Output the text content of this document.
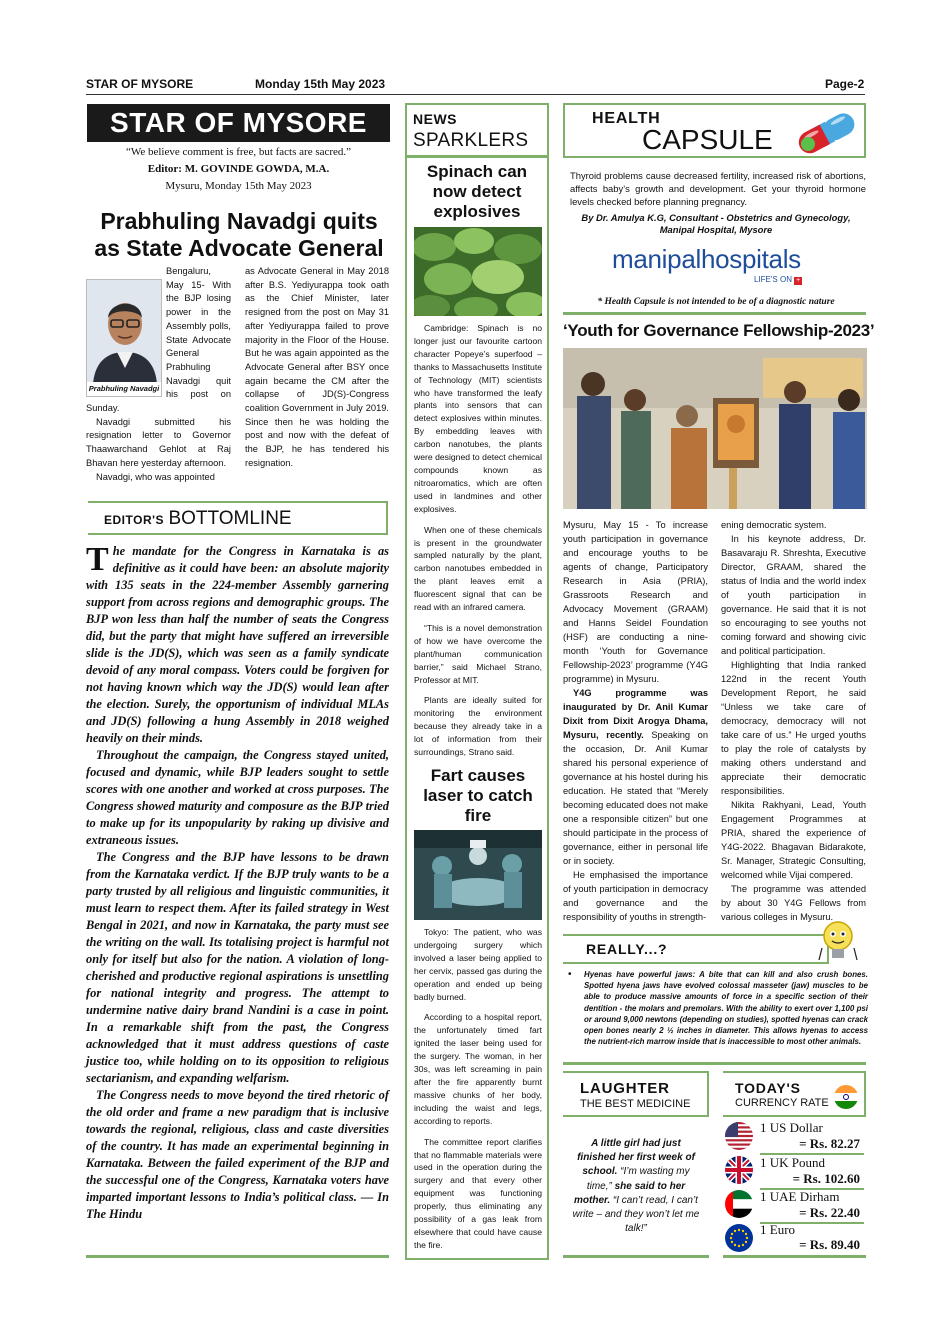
STAR OF MYSORE	Monday 15th May 2023	Page-2
STAR OF MYSORE
“We believe comment is free, but facts are sacred.”
Editor: M. GOVINDE GOWDA, M.A.
Mysuru, Monday 15th May 2023
Prabhuling Navadgi quits
as State Advocate General
Prabhuling Navadgi
Bengaluru, May 15- With the BJP losing power in the Assembly polls, State Advocate General Prabhuling Navadgi quit his post on Sunday.

Navadgi submitted his resignation letter to Governor Thaawarchand Gehlot at Raj Bhavan here yesterday afternoon.

Navadgi, who was appointed

as Advocate General in May 2018 after B.S. Yediyurappa took oath as the Chief Minister, later resigned from the post on May 31 after Yediyurappa failed to prove majority in the Floor of the House. But he was again appointed as the Advocate General after BSY once again became the CM after the collapse of JD(S)-Congress coalition Government in July 2019. Since then he was holding the post and now with the defeat of the BJP, he has tendered his resignation.
EDITOR'S BOTTOMLINE

The mandate for the Congress in Karnataka is as definitive as it could have been: an absolute majority with 135 seats in the 224-member Assembly garnering support from across regions and demographic groups. The BJP won less than half the number of seats the Congress did, but the party that might have suffered an irreversible slide is the JD(S), which was seen as a family syndicate devoid of any moral compass. Voters could be forgiven for not having known which way the JD(S) would lean after the election. Surely, the opportunism of individual MLAs and JD(S) following a hung Assembly in 2018 weighed heavily on their minds.

Throughout the campaign, the Congress stayed united, focused and dynamic, while BJP leaders sought to settle scores with one another and worked at cross purposes. The Congress showed maturity and composure as the BJP tried to make up for its unpopularity by raking up divisive and extraneous issues.

The Congress and the BJP have lessons to be drawn from the Karnataka verdict. If the BJP truly wants to be a party trusted by all religious and linguistic communities, it must learn to respect them. After its failed strategy in West Bengal in 2021, and now in Karnataka, the party must see the writing on the wall. Its totalising project is harmful not only for itself but also for the nation. A violation of long-cherished and productive regional aspirations is unsettling for national integrity and progress. The attempt to undermine native dairy brand Nandini is a case in point. In a remarkable shift from the past, the Congress acknowledged that it must address questions of caste justice too, while holding on to its opposition to religious sectarianism, and expanding welfarism.

The Congress needs to move beyond the tired rhetoric of the old order and frame a new paradigm that is inclusive towards the regional, religious, class and caste diversities of the country. It has made an experimental beginning in Karnataka. Between the failed experiment of the BJP and the successful one of the Congress, Karnataka voters have imparted important lessons to India’s political class. — In The Hindu

NEWS
SPARKLERS
Spinach can now detect explosives

Cambridge: Spinach is no longer just our favourite cartoon character Popeye’s superfood – thanks to Massachusetts Institute of Technology (MIT) scientists who have transformed the leafy plants into sensors that can detect explosives within minutes. By embedding leaves with carbon nanotubes, the plants were designed to detect chemical compounds known as nitroaromatics, which are often used in landmines and other explosives.

When one of these chemicals is present in the groundwater sampled naturally by the plant, carbon nanotubes embedded in the plant leaves emit a fluorescent signal that can be read with an infrared camera.

“This is a novel demonstration of how we have overcome the plant/human communication barrier,” said Michael Strano, Professor at MIT.

Plants are ideally suited for monitoring the environment because they already take in a lot of information from their surroundings, Strano said.

Fart causes laser to catch fire

Tokyo: The patient, who was undergoing surgery which involved a laser being applied to her cervix, passed gas during the operation and ended up being badly burned.

According to a hospital report, the unfortunately timed fart ignited the laser being used for the surgery. The woman, in her 30s, was left screaming in pain after the fire apparently burnt massive chunks of her body, including the waist and legs, according to reports.

The committee report clarifies that no flammable materials were used in the operation during the surgery and that every other equipment was functioning properly, thus eliminating any possibility of a gas leak from elsewhere that could have cause the fire.

HEALTH
CAPSULE
Thyroid problems cause decreased fertility, increased risk of abortions, affects baby’s growth and development. Get your thyroid hormone levels checked before planning pregnancy.
By Dr. Amulya K.G, Consultant - Obstetrics and Gynecology, Manipal Hospital, Mysore
manipalhospitals
LIFE'S ON +
* Health Capsule is not intended to be of a diagnostic nature
‘Youth for Governance Fellowship-2023’

Mysuru, May 15 - To increase youth participation in governance and encourage youths to be agents of change, Participatory Research in Asia (PRIA), Grassroots Research and Advocacy Movement (GRAAM) and Hanns Seidel Foundation (HSF) are conducting a nine-month ‘Youth for Governance Fellowship-2023’ programme (Y4G programme) in Mysuru.

Y4G programme was inaugurated by Dr. Anil Kumar Dixit from Dixit Arogya Dhama, Mysuru, recently. Speaking on the occasion, Dr. Anil Kumar shared his personal experience of governance at his hostel during his education. He stated that “Merely becoming educated does not make one a responsible citizen” but one should participate in the process of governance, either in personal life or in society.

He emphasised the importance of youth participation in democracy and governance and the responsibility of youths in strength-

ening democratic system.

In his keynote address, Dr. Basavaraju R. Shreshta, Executive Director, GRAAM, shared the status of India and the world index of youth participation in governance. He said that it is not so encouraging to see youths not coming forward and showing civic and political participation.

Highlighting that India ranked 122nd in the recent Youth Development Report, he said “Unless we take care of democracy, democracy will not take care of us.” He urged youths to play the role of catalysts by making others understand and appreciate their democratic responsibilities.

Nikita Rakhyani, Lead, Youth Engagement Programmes at PRIA, shared the experience of Y4G-2022. Bhagavan Bidarakote, Sr. Manager, Strategic Consulting, welcomed while Vijai compered.

The programme was attended by about 30 Y4G Fellows from various colleges in Mysuru.

REALLY...?
• Hyenas have powerful jaws: A bite that can kill and also crush bones. Spotted hyena jaws have evolved colossal masseter (jaw) muscles to be able to produce massive amounts of force in a specific section of their dentition - the molars and premolars. With the ability to exert over 1,100 psi or around 9,000 newtons (depending on studies), spotted hyenas can crack open bones nearly 2 ½ inches in diameter. This allows hyenas to access the nutrient-rich marrow inside that is inaccessible to most other animals.
LAUGHTER
THE BEST MEDICINE
A little girl had just finished her first week of school. “I’m wasting my time,” she said to her mother. “I can’t read, I can’t write – and they won’t let me talk!”
TODAY'S
CURRENCY RATE
1 US Dollar
= Rs. 82.27
1 UK Pound
= Rs. 102.60
1 UAE Dirham
= Rs. 22.40
1 Euro
= Rs. 89.40
